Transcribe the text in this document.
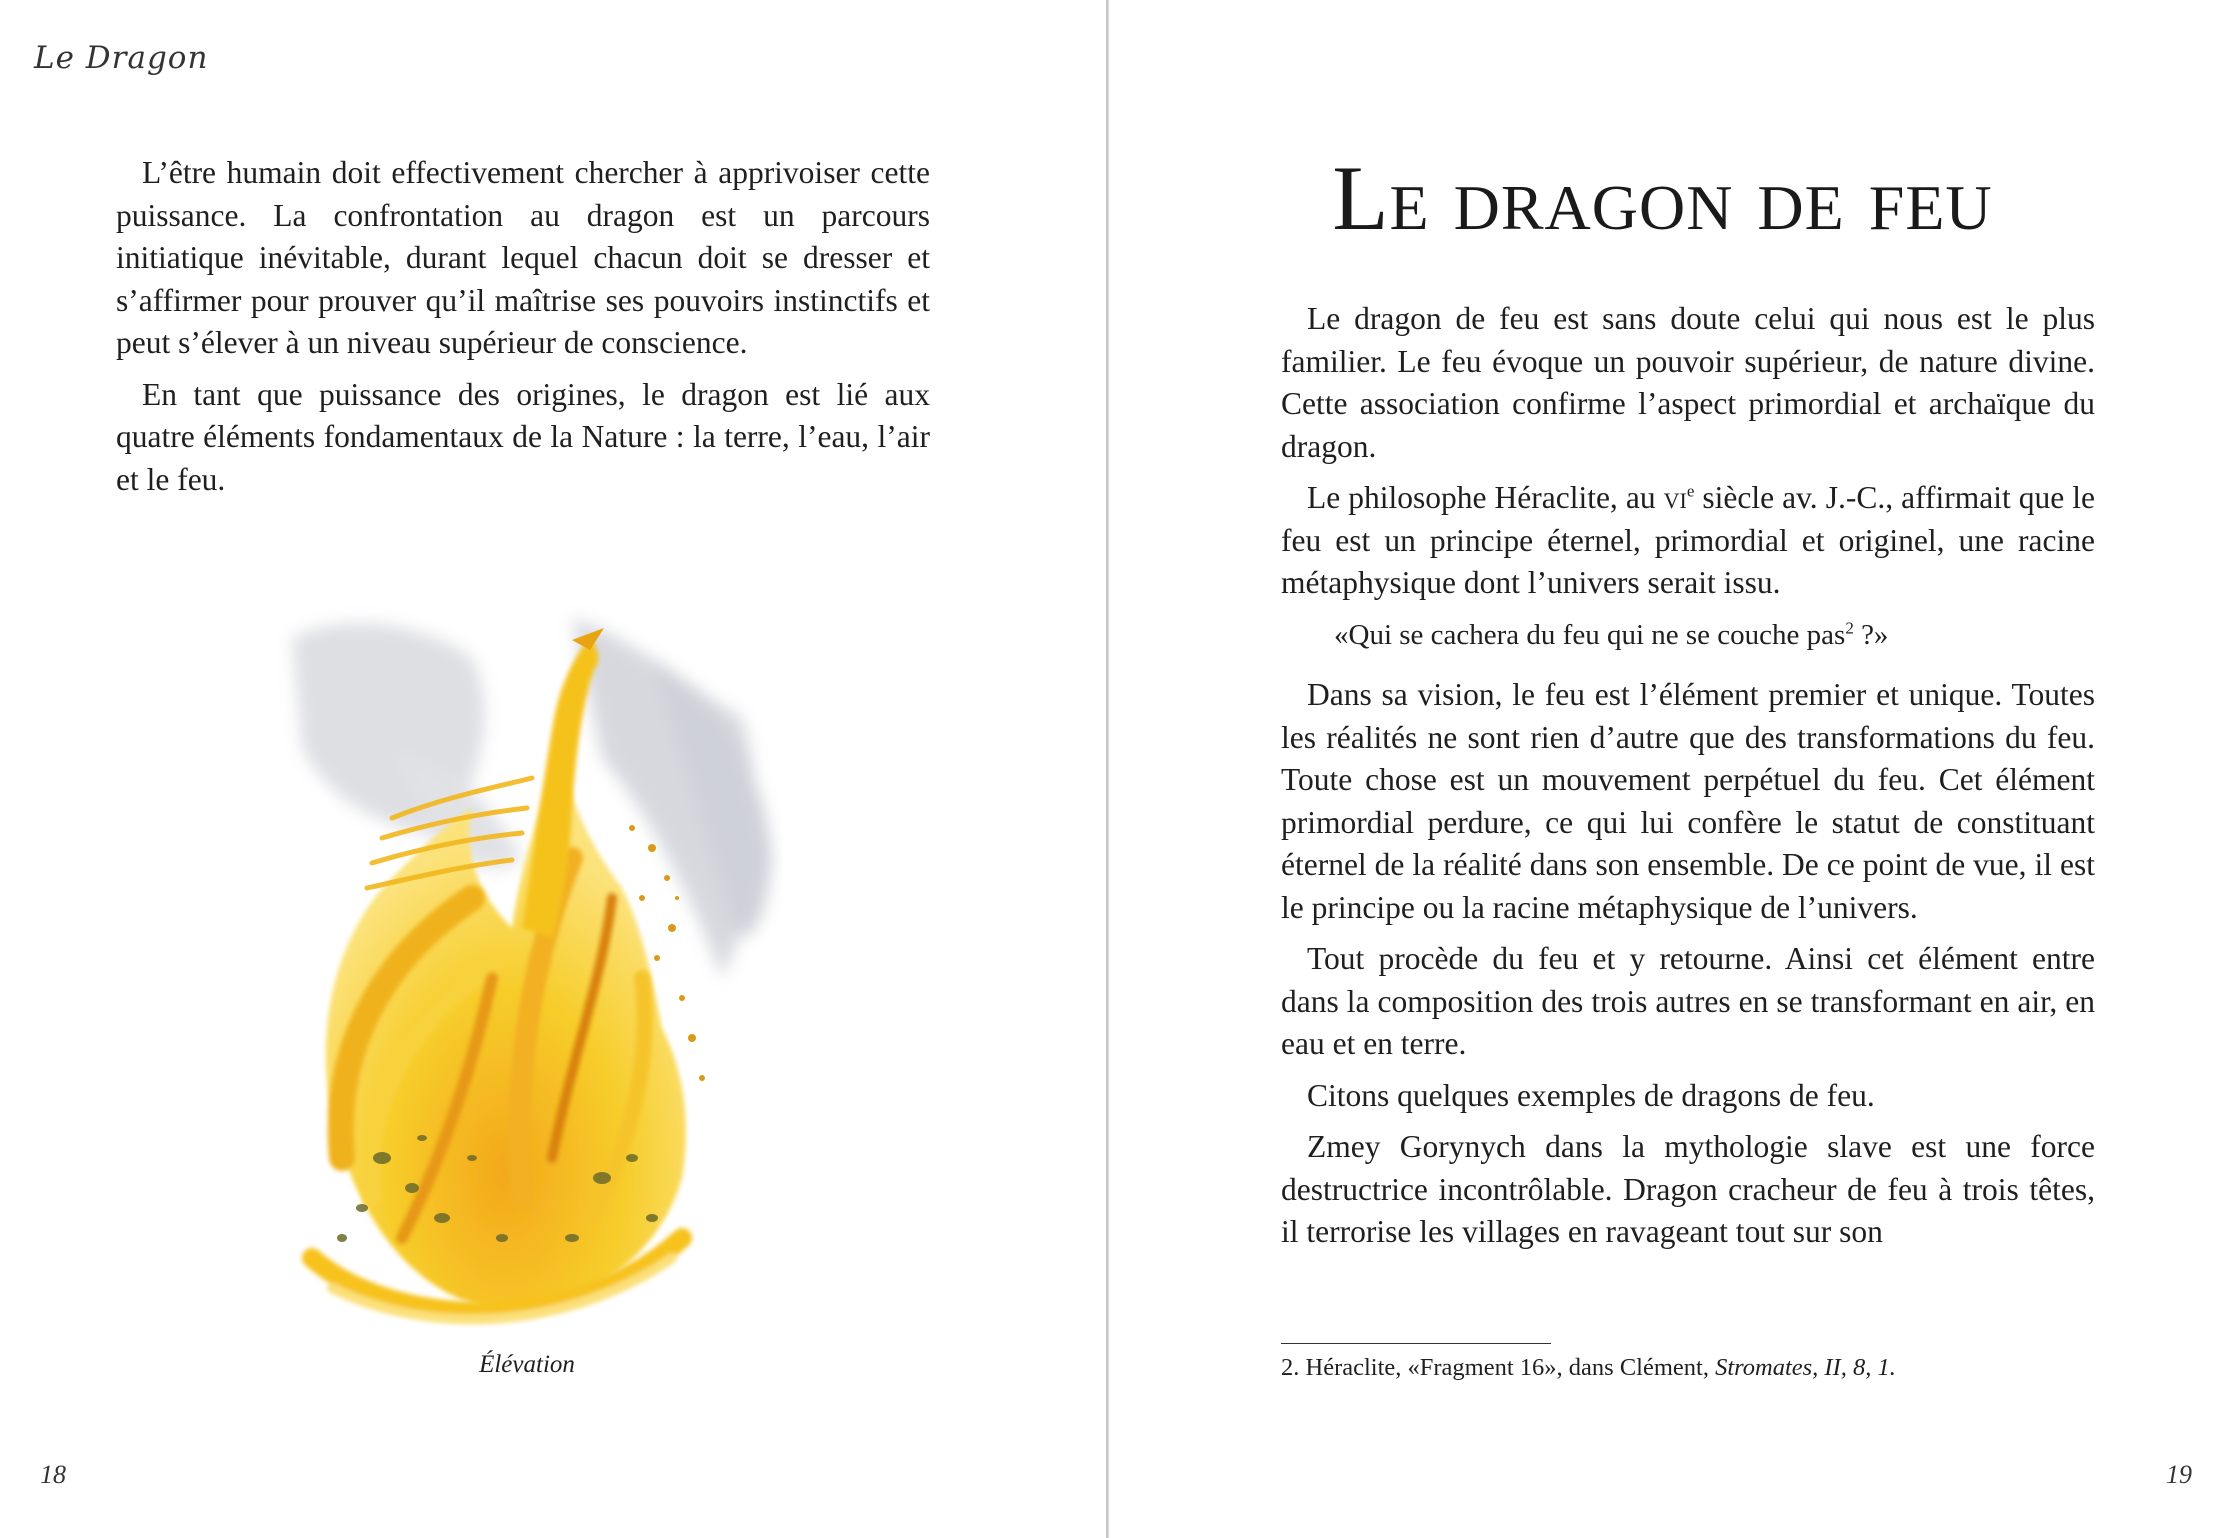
Le Dragon

L’être humain doit effectivement chercher à apprivoiser cette puissance. La confrontation au dragon est un parcours initiatique inévitable, durant lequel chacun doit se dresser et s’affirmer pour prouver qu’il maîtrise ses pouvoirs instinctifs et peut s’élever à un niveau supérieur de conscience.

En tant que puissance des origines, le dragon est lié aux quatre éléments fondamentaux de la Nature : la terre, l’eau, l’air et le feu.

Élévation
18
Le dragon de feu

Le dragon de feu est sans doute celui qui nous est le plus familier. Le feu évoque un pouvoir supérieur, de nature divine. Cette association confirme l’aspect primordial et archaïque du dragon.

Le philosophe Héraclite, au $vi^e$ siècle av. J.-C., affirmait que le feu est un principe éternel, primordial et originel, une racine métaphysique dont l’univers serait issu.

«Qui se cachera du feu qui ne se couche pas$^2$ ?»

Dans sa vision, le feu est l’élément premier et unique. Toutes les réalités ne sont rien d’autre que des transformations du feu. Toute chose est un mouvement perpétuel du feu. Cet élément primordial perdure, ce qui lui confère le statut de constituant éternel de la réalité dans son ensemble. De ce point de vue, il est le principe ou la racine métaphysique de l’univers.

Tout procède du feu et y retourne. Ainsi cet élément entre dans la composition des trois autres en se transformant en air, en eau et en terre.

Citons quelques exemples de dragons de feu.

Zmey Gorynych dans la mythologie slave est une force destructrice incontrôlable. Dragon cracheur de feu à trois têtes, il terrorise les villages en ravageant tout sur son

2. Héraclite, «Fragment 16», dans Clément, Stromates, II, 8, 1.
19
